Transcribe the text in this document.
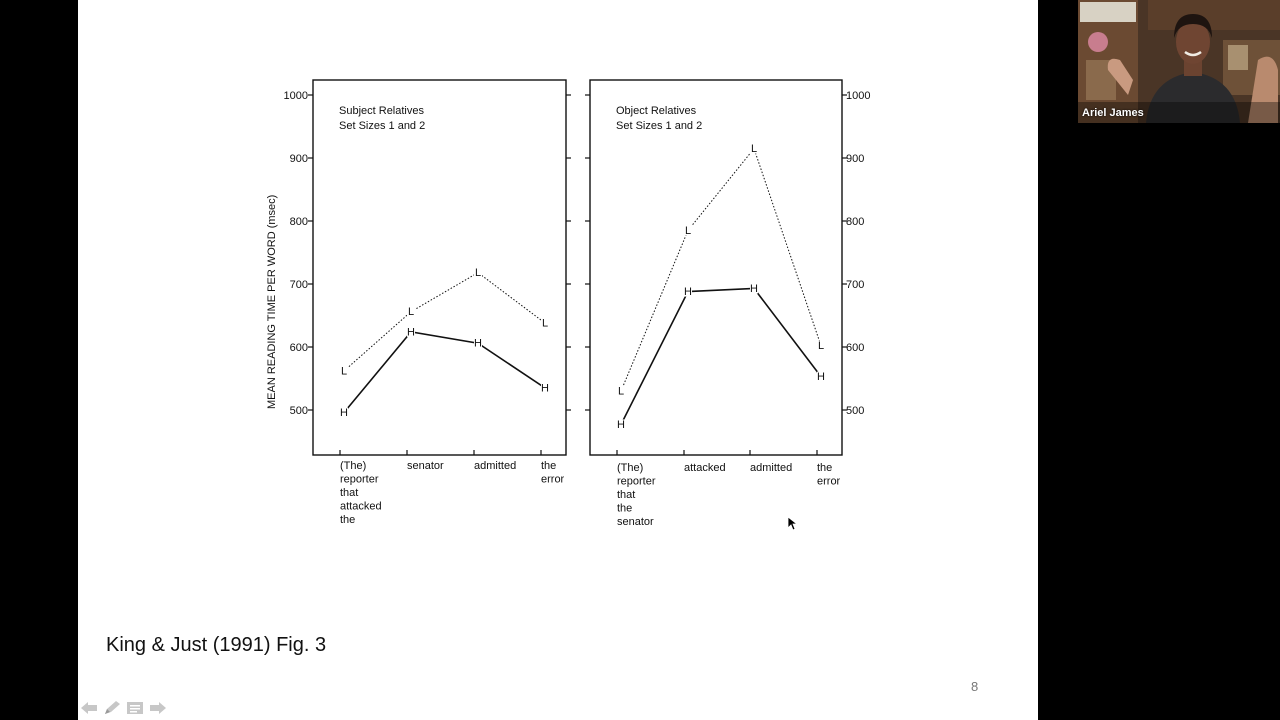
MEAN READING TIME PER WORD (msec)
Subject Relatives
Set Sizes 1 and 2
500
600
700
800
900
1000
(The)
reporter
that
attacked
the
senator	admitted the
error
L
L
L
L
H
H
H
H
Object Relatives
Set Sizes 1 and 2
500
600
700
800
900
1000
(The)
reporter
that
the
senator
attacked admitted the
error
L
L
L
L
H
H	H
H
King & Just (1991) Fig. 3
8
Ariel James
